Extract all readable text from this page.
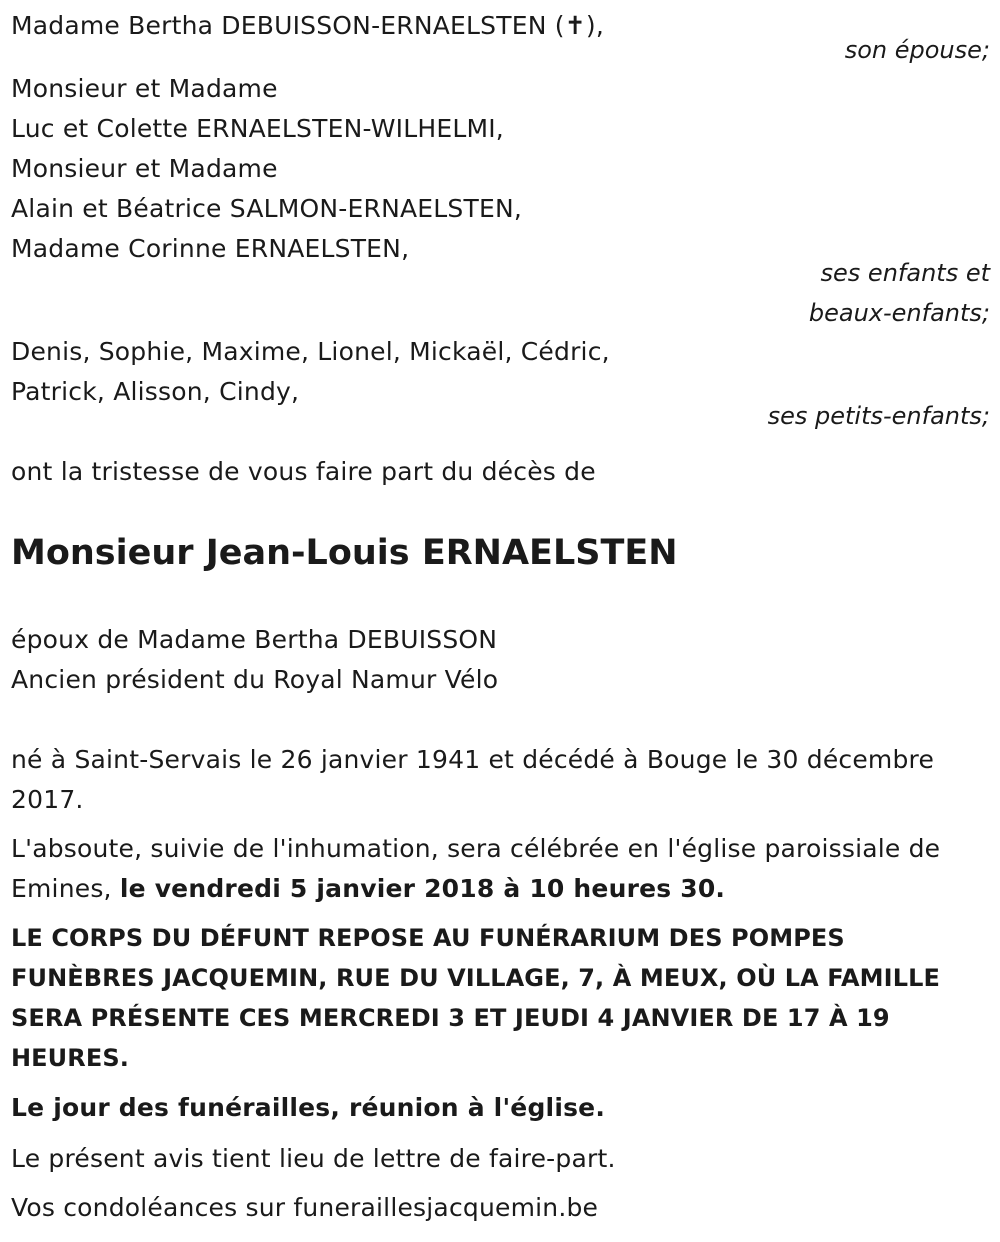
Madame Bertha DEBUISSON-ERNAELSTEN (✝),
son épouse;
Monsieur et Madame
Luc et Colette ERNAELSTEN-WILHELMI,
Monsieur et Madame
Alain et Béatrice SALMON-ERNAELSTEN,
Madame Corinne ERNAELSTEN,
ses enfants et
beaux-enfants;
Denis, Sophie, Maxime, Lionel, Mickaël, Cédric,
Patrick, Alisson, Cindy,
ses petits-enfants;
ont la tristesse de vous faire part du décès de
Monsieur Jean-Louis ERNAELSTEN
époux de Madame Bertha DEBUISSON
Ancien président du Royal Namur Vélo
né à Saint-Servais le 26 janvier 1941 et décédé à Bouge le 30 décembre
2017.
L'absoute, suivie de l'inhumation, sera célébrée en l'église paroissiale de
Emines, le vendredi 5 janvier 2018 à 10 heures 30.
LE CORPS DU DÉFUNT REPOSE AU FUNÉRARIUM DES POMPES
FUNÈBRES JACQUEMIN, RUE DU VILLAGE, 7, À MEUX, OÙ LA FAMILLE
SERA PRÉSENTE CES MERCREDI 3 ET JEUDI 4 JANVIER DE 17 À 19
HEURES.
Le jour des funérailles, réunion à l'église.
Le présent avis tient lieu de lettre de faire-part.
Vos condoléances sur funeraillesjacquemin.be
